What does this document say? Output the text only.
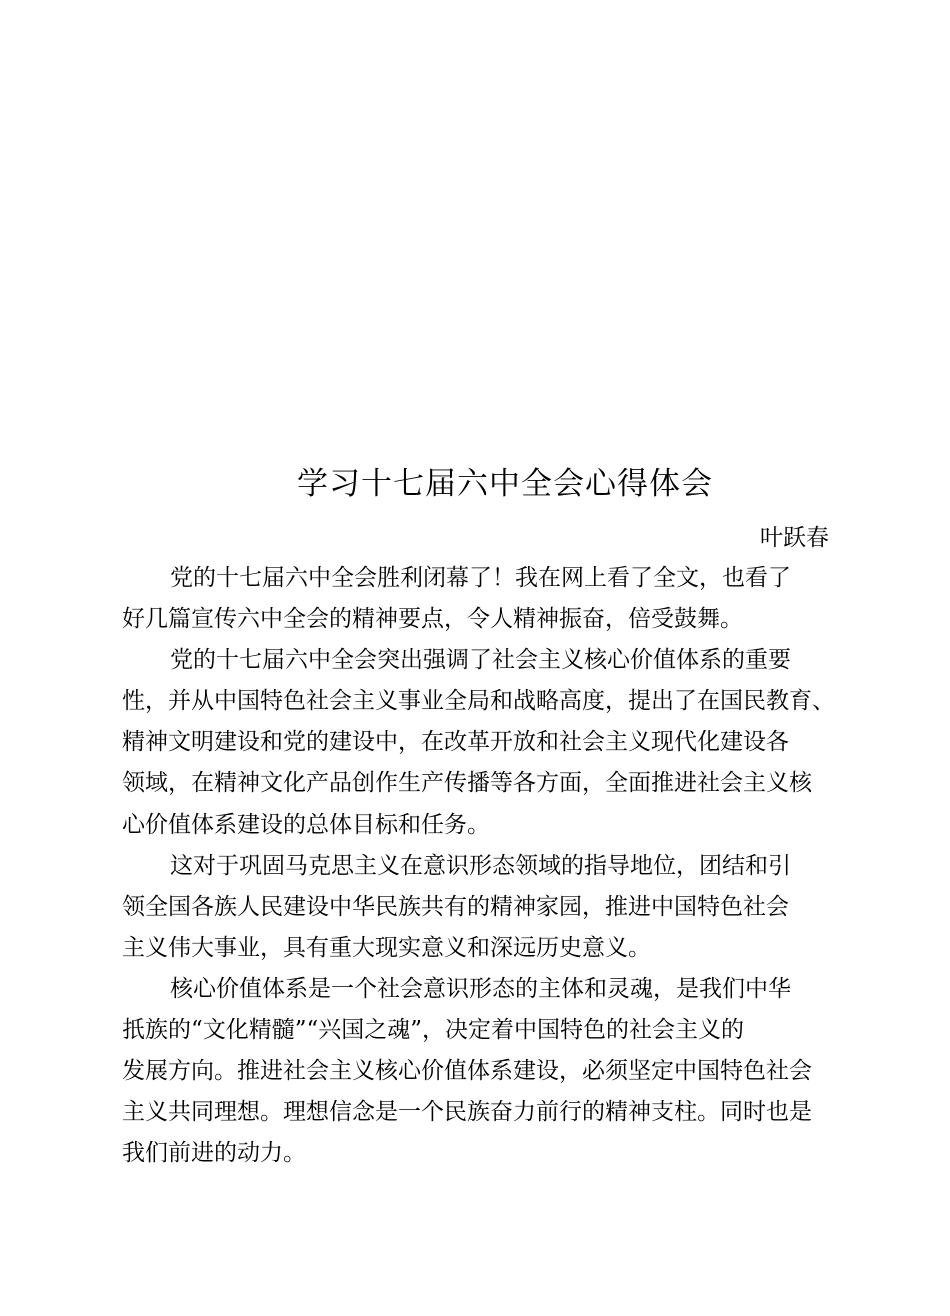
学习十七届六中全会心得体会
叶跃春
党的十七届六中全会胜利闭幕了！我在网上看了全文，也看了
好几篇宣传六中全会的精神要点，令人精神振奋，倍受鼓舞。
党的十七届六中全会突出强调了社会主义核心价值体系的重要
性，并从中国特色社会主义事业全局和战略高度，提出了在国民教育、
精神文明建设和党的建设中，在改革开放和社会主义现代化建设各
领域，在精神文化产品创作生产传播等各方面，全面推进社会主义核
心价值体系建设的总体目标和任务。
这对于巩固马克思主义在意识形态领域的指导地位，团结和引
领全国各族人民建设中华民族共有的精神家园，推进中国特色社会
主义伟大事业，具有重大现实意义和深远历史意义。
核心价值体系是一个社会意识形态的主体和灵魂，是我们中华
扺族的“文化精髓”“兴国之魂”，决定着中国特色的社会主义的
发展方向。推进社会主义核心价值体系建设，必须坚定中国特色社会
主义共同理想。理想信念是一个民族奋力前行的精神支柱。同时也是
我们前进的动力。
